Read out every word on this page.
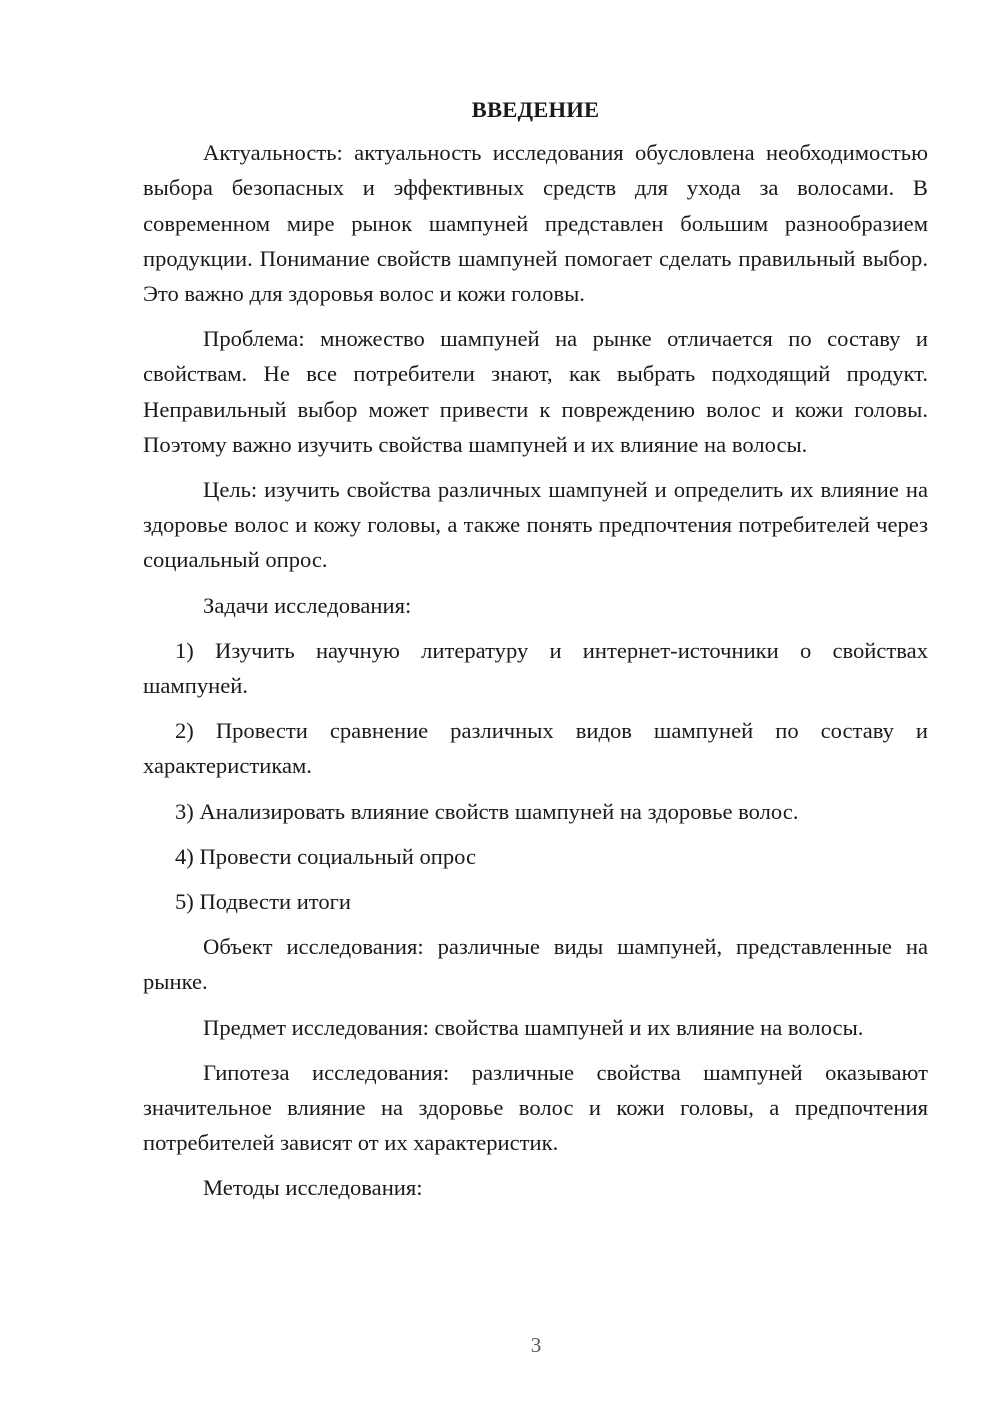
ВВЕДЕНИЕ

Актуальность: актуальность исследования обусловлена необходимостью выбора безопасных и эффективных средств для ухода за волосами. В современном мире рынок шампуней представлен большим разнообразием продукции. Понимание свойств шампуней помогает сделать правильный выбор. Это важно для здоровья волос и кожи головы.

Проблема: множество шампуней на рынке отличается по составу и свойствам. Не все потребители знают, как выбрать подходящий продукт. Неправильный выбор может привести к повреждению волос и кожи головы. Поэтому важно изучить свойства шампуней и их влияние на волосы.

Цель: изучить свойства различных шампуней и определить их влияние на здоровье волос и кожу головы, а также понять предпочтения потребителей через социальный опрос.

Задачи исследования:

1) Изучить научную литературу и интернет-источники о свойствах шампуней.

2) Провести сравнение различных видов шампуней по составу и характеристикам.

3) Анализировать влияние свойств шампуней на здоровье волос.

4) Провести социальный опрос

5) Подвести итоги

Объект исследования: различные виды шампуней, представленные на рынке.

Предмет исследования: свойства шампуней и их влияние на волосы.

Гипотеза исследования: различные свойства шампуней оказывают значительное влияние на здоровье волос и кожи головы, а предпочтения потребителей зависят от их характеристик.

Методы исследования:

3
